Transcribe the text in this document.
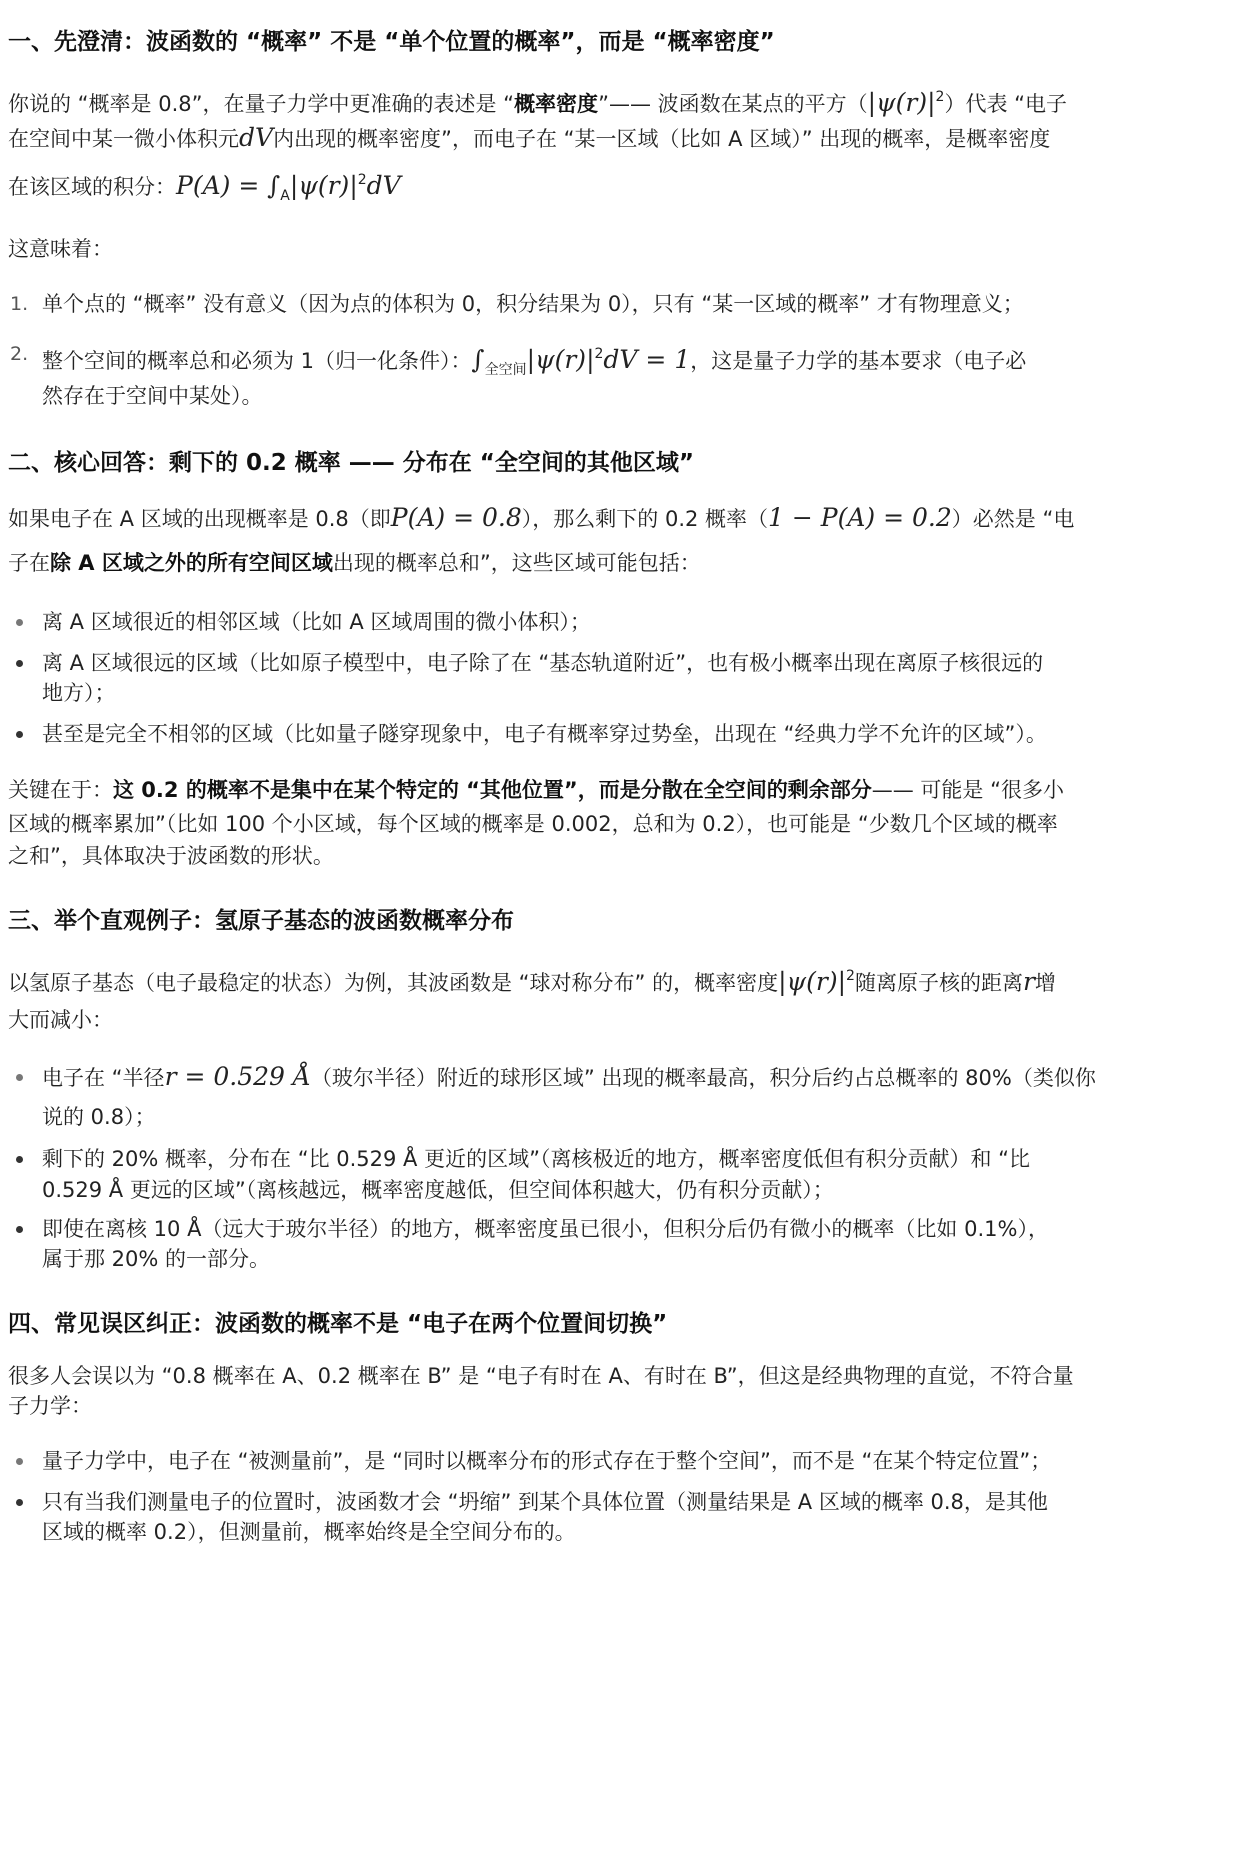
一、先澄清：波函数的 “概率” 不是 “单个位置的概率”，而是 “概率密度”

你说的 “概率是 0.8”，在量子力学中更准确的表述是 “概率密度”—— 波函数在某点的平方$(|\psi(r)|^2)$代表 “电子

在空间中某一微小体积元dV内出现的概率密度”，而电子在 “某一区域（比如 A 区域）” 出现的概率，是概率密度

在该区域的积分：$P(A) = \int_A|\psi(r)|^2dV$

这意味着：

1. 单个点的 “概率” 没有意义（因为点的体积为 0，积分结果为 0），只有 “某一区域的概率” 才有物理意义；
2. 整个空间的概率总和必须为 1（归一化条件）：$\int_{全空间}|\psi(r)|^2dV = 1$，这是量子力学的基本要求（电子必
然存在于空间中某处）。
二、核心回答：剩下的 0.2 概率 —— 分布在 “全空间的其他区域”

如果电子在 A 区域的出现概率是 0.8（即P(A) = 0.8），那么剩下的 0.2 概率（1 − P(A) = 0.2）必然是 “电

子在除 A 区域之外的所有空间区域出现的概率总和”，这些区域可能包括：

离 A 区域很近的相邻区域（比如 A 区域周围的微小体积）；
离 A 区域很远的区域（比如原子模型中，电子除了在 “基态轨道附近”，也有极小概率出现在离原子核很远的
地方）；
甚至是完全不相邻的区域（比如量子隧穿现象中，电子有概率穿过势垒，出现在 “经典力学不允许的区域”）。

关键在于：这 0.2 的概率不是集中在某个特定的 “其他位置”，而是分散在全空间的剩余部分—— 可能是 “很多小

区域的概率累加”（比如 100 个小区域，每个区域的概率是 0.002，总和为 0.2），也可能是 “少数几个区域的概率

之和”，具体取决于波函数的形状。

三、举个直观例子：氢原子基态的波函数概率分布

以氢原子基态（电子最稳定的状态）为例，其波函数是 “球对称分布” 的，概率密度$|\psi(r)|^2$随离原子核的距离r增

大而减小：

电子在 “半径r = 0.529 Å（玻尔半径）附近的球形区域” 出现的概率最高，积分后约占总概率的 80%（类似你
说的 0.8）；
剩下的 20% 概率，分布在 “比 0.529 Å 更近的区域”（离核极近的地方，概率密度低但有积分贡献）和 “比
0.529 Å 更远的区域”（离核越远，概率密度越低，但空间体积越大，仍有积分贡献）；
即使在离核 10 Å（远大于玻尔半径）的地方，概率密度虽已很小，但积分后仍有微小的概率（比如 0.1%），
属于那 20% 的一部分。
四、常见误区纠正：波函数的概率不是 “电子在两个位置间切换”

很多人会误以为 “0.8 概率在 A、0.2 概率在 B” 是 “电子有时在 A、有时在 B”，但这是经典物理的直觉，不符合量

子力学：

量子力学中，电子在 “被测量前”，是 “同时以概率分布的形式存在于整个空间”，而不是 “在某个特定位置”；
只有当我们测量电子的位置时，波函数才会 “坍缩” 到某个具体位置（测量结果是 A 区域的概率 0.8，是其他
区域的概率 0.2），但测量前，概率始终是全空间分布的。
